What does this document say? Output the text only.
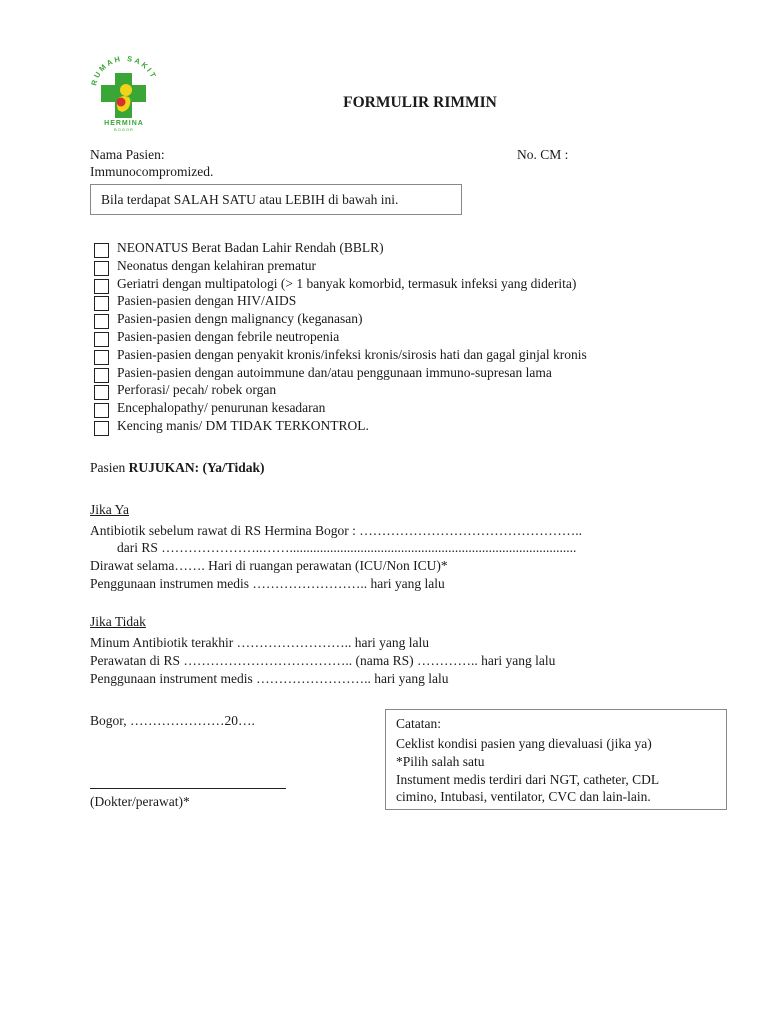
RUMAH SAKIT
HERMINA
BOGOR
FORMULIR RIMMIN
Nama Pasien:	No. CM :
Immunocompromized.
Bila terdapat SALAH SATU atau LEBIH di bawah ini.
NEONATUS Berat Badan Lahir Rendah (BBLR)
Neonatus dengan kelahiran prematur
Geriatri dengan multipatologi (> 1 banyak komorbid, termasuk infeksi yang diderita)
Pasien-pasien dengan HIV/AIDS
Pasien-pasien dengn malignancy (keganasan)
Pasien-pasien dengan febrile neutropenia
Pasien-pasien dengan penyakit kronis/infeksi kronis/sirosis hati dan gagal ginjal kronis
Pasien-pasien dengan autoimmune dan/atau penggunaan immuno-supresan lama
Perforasi/ pecah/ robek organ
Encephalopathy/ penurunan kesadaran
Kencing manis/ DM TIDAK TERKONTROL.
Pasien RUJUKAN: (Ya/Tidak)
Jika Ya
Antibiotik sebelum rawat di RS Hermina Bogor : …………………………………………..
dari RS …………………..…….....................................................................................
Dirawat selama……. Hari di ruangan perawatan (ICU/Non ICU)*
Penggunaan instrumen medis …………………….. hari yang lalu
Jika Tidak
Minum Antibiotik terakhir …………………….. hari yang lalu
Perawatan di RS ……………………………….. (nama RS) ………….. hari yang lalu
Penggunaan instrument medis …………………….. hari yang lalu
Bogor, …………………20….
(Dokter/perawat)*
Catatan:
Ceklist kondisi pasien yang dievaluasi (jika ya)
*Pilih salah satu
Instument medis terdiri dari NGT, catheter, CDL
cimino, Intubasi, ventilator, CVC dan lain-lain.
